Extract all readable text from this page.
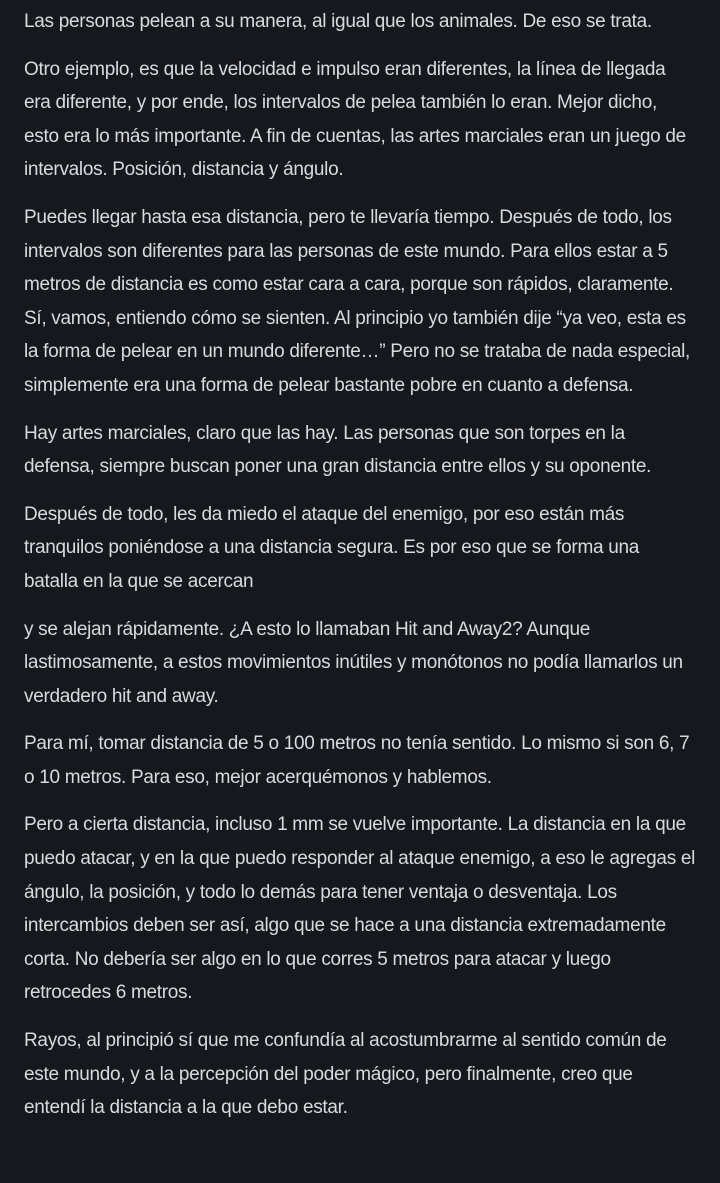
Las personas pelean a su manera, al igual que los animales. De eso se trata.

Otro ejemplo, es que la velocidad e impulso eran diferentes, la línea de llegada era diferente, y por ende, los intervalos de pelea también lo eran. Mejor dicho, esto era lo más importante. A fin de cuentas, las artes marciales eran un juego de intervalos. Posición, distancia y ángulo.

Puedes llegar hasta esa distancia, pero te llevaría tiempo. Después de todo, los intervalos son diferentes para las personas de este mundo. Para ellos estar a 5 metros de distancia es como estar cara a cara, porque son rápidos, claramente. Sí, vamos, entiendo cómo se sienten. Al principio yo también dije “ya veo, esta es la forma de pelear en un mundo diferente…” Pero no se trataba de nada especial, simplemente era una forma de pelear bastante pobre en cuanto a defensa.

Hay artes marciales, claro que las hay. Las personas que son torpes en la defensa, siempre buscan poner una gran distancia entre ellos y su oponente.

Después de todo, les da miedo el ataque del enemigo, por eso están más tranquilos poniéndose a una distancia segura. Es por eso que se forma una batalla en la que se acercan

y se alejan rápidamente. ¿A esto lo llamaban Hit and Away2? Aunque lastimosamente, a estos movimientos inútiles y monótonos no podía llamarlos un verdadero hit and away.

Para mí, tomar distancia de 5 o 100 metros no tenía sentido. Lo mismo si son 6, 7 o 10 metros. Para eso, mejor acerquémonos y hablemos.

Pero a cierta distancia, incluso 1 mm se vuelve importante. La distancia en la que puedo atacar, y en la que puedo responder al ataque enemigo, a eso le agregas el ángulo, la posición, y todo lo demás para tener ventaja o desventaja. Los intercambios deben ser así, algo que se hace a una distancia extremadamente corta. No debería ser algo en lo que corres 5 metros para atacar y luego retrocedes 6 metros.

Rayos, al principió sí que me confundía al acostumbrarme al sentido común de este mundo, y a la percepción del poder mágico, pero finalmente, creo que entendí la distancia a la que debo estar.
